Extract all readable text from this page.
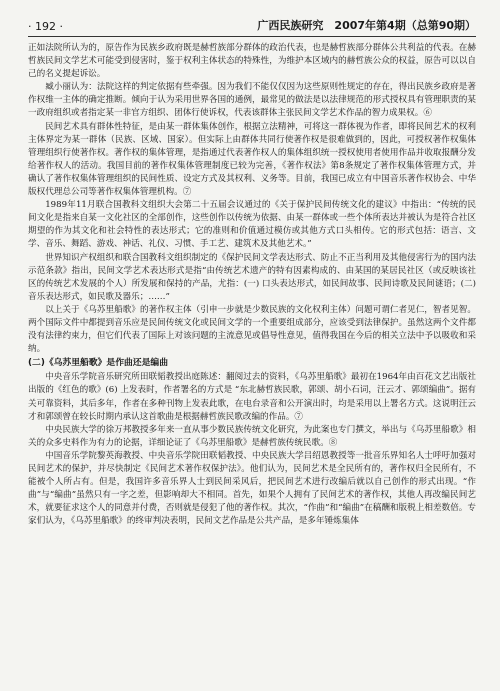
· 192 ·	广西民族研究　2007年第4期（总第90期）

正如法院所认为的，原告作为民族乡政府既是赫哲族部分群体的政治代表，也是赫哲族部分群体公共利益的代表。在赫哲族民间文学艺术可能受到侵害时，鉴于权利主体状态的特殊性，为维护本区域内的赫哲族公众的权益，原告可以以自己的名义提起诉讼。

臧小丽认为：法院这样的判定依据有些牵强。因为我们不能仅仅因为这些原则性规定的存在，得出民族乡政府是著作权维一主体的确定推断。倾向于认为采用世界各国的通例，最常见的做法是以法律规范的形式授权具有管理职责的某一政府组织或者指定某一非官方组织、团体行使诉权，代表该群体主张民间文学艺术作品的智力成果权。⑥

民间艺术具有群体性特征，是由某一群体集体创作，根据立法精神，可将这一群体视为作者，即将民间艺术的权利主体界定为某一群体（民族、区域、国家）。但实际上由群体共同行使著作权是很难做到的，因此，可授权著作权集体管理组织行使著作权。著作权的集体管理，是指通过代表著作权人的集体组织统一授权使用者使用作品并收取报酬分发给著作权人的活动。我国目前的著作权集体管理制度已较为完善，《著作权法》第8条规定了著作权集体管理方式，并确认了著作权集体管理组织的民间性质、设定方式及其权利、义务等。目前，我国已成立有中国音乐著作权协会、中华版权代理总公司等著作权集体管理机构。⑦

1989年11月联合国教科文组织大会第二十五届会议通过的《关于保护民间传统文化的建议》中指出：“传统的民间文化是指来自某一文化社区的全部创作，这些创作以传统为依据、由某一群体或一些个体所表达并被认为是符合社区期望的作为其文化和社会特性的表达形式；它的准则和价值通过模仿或其他方式口头相传。它的形式包括：语言、文学、音乐、舞蹈、游戏、神话、礼仪、习惯、手工艺、建筑术及其他艺术。”

世界知识产权组织和联合国教科文组织制定的《保护民间文学表达形式、防止不正当利用及其他侵害行为的国内法示范条款》指出，民间文学艺术表达形式是指“由传统艺术遗产的特有因素构成的、由某国的某居民社区（或反映该社区的传统艺术发展的个人）所发展和保持的产品，尤指：(一) 口头表达形式，如民间故事、民间诗歌及民间谜语；(二) 音乐表达形式，如民歌及器乐；……”

以上关于《乌苏里船歌》的著作权主体（引申一步就是少数民族的文化权利主体）问题可谓仁者见仁，智者见智。两个国际文件中都提到音乐应是民间传统文化或民间文学的一个重要组成部分，应该受到法律保护。虽然这两个文件都没有法律约束力，但它们代表了国际上对该问题的主流意见或倡导性意见，值得我国在今后的相关立法中予以吸收和采纳。

(二)《乌苏里船歌》是作曲还是编曲

中央音乐学院音乐研究所田联韬教授出庭陈述：翻阅过去的资料，《乌苏里船歌》最初在1964年由百花文艺出版社出版的《红色的歌》(6) 上发表时，作者署名的方式是 “东北赫哲族民歌，郭颂、胡小石词，汪云才、郭颂编曲”。据有关可靠资料，其后多年，作者在多种刊物上发表此歌，在电台录音和公开演出时，均是采用以上署名方式。这说明汪云才和郭颂曾在较长时期内承认这首歌曲是根据赫哲族民歌改编的作品。⑦

中央民族大学的徐万邦教授多年来一直从事少数民族传统文化研究，为此案也专门撰文，举出与《乌苏里船歌》相关的众多史料作为有力的论据，详细论证了《乌苏里船歌》是赫哲族传统民歌。⑧

中国音乐学院黎英海教授、中央音乐学院田联韬教授、中央民族大学吕绍恩教授等一批音乐界知名人士呼吁加强对民间艺术的保护，并尽快制定《民间艺术著作权保护法》。他们认为，民间艺术是全民所有的，著作权归全民所有，不能被个人所占有。但是，我国许多音乐界人士到民间采风后，把民间艺术进行改编后就以自己创作的形式出现。“作曲”与“编曲”虽然只有一字之差，但影响却大不相同。首先，如果个人拥有了民间艺术的著作权，其他人再改编民间艺术，就要征求这个人的同意并付费，否则就是侵犯了他的著作权。其次，“作曲”和“编曲”在稿酬和版税上相差数倍。专家们认为，《乌苏里船歌》的终审判决表明，民间文艺作品是公共产品，是多年锤炼集体
